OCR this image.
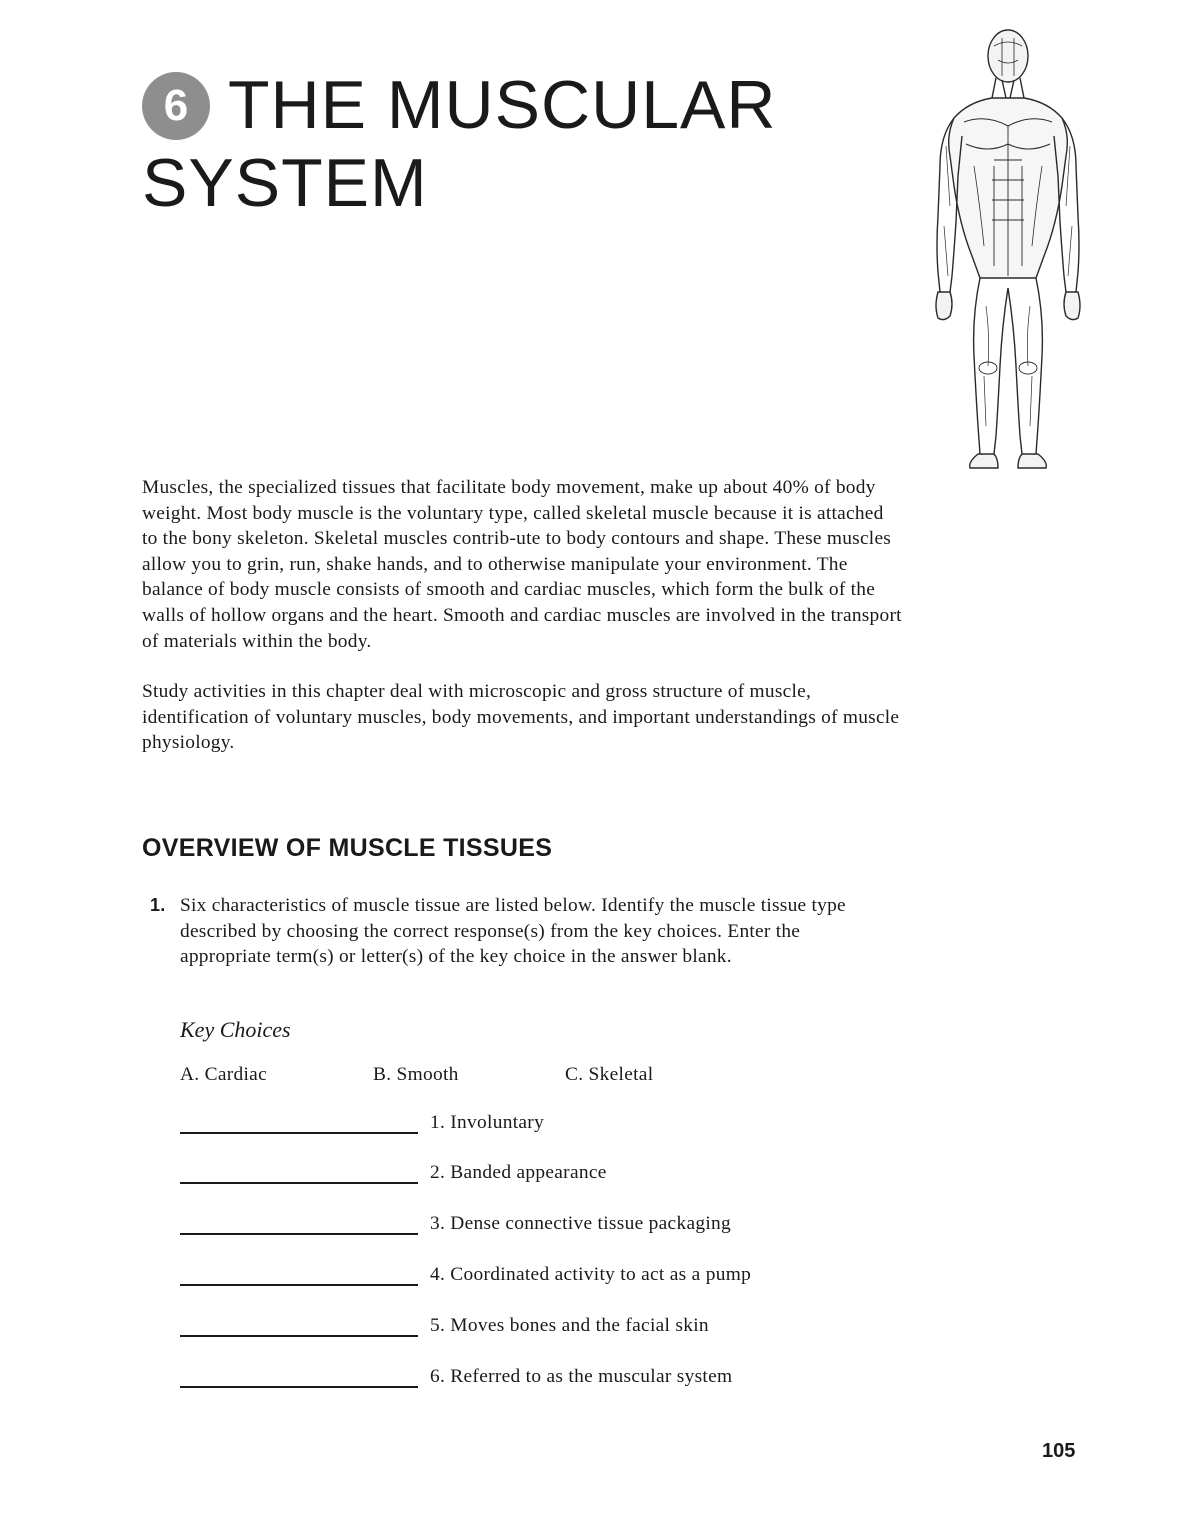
6 THE MUSCULAR
SYSTEM

Muscles, the specialized tissues that facilitate body movement, make up about 40% of body weight. Most body muscle is the voluntary type, called skeletal muscle because it is attached to the bony skeleton. Skeletal muscles contrib-ute to body contours and shape. These muscles allow you to grin, run, shake hands, and to otherwise manipulate your environment. The balance of body muscle consists of smooth and cardiac muscles, which form the bulk of the walls of hollow organs and the heart. Smooth and cardiac muscles are involved in the transport of materials within the body.

Study activities in this chapter deal with microscopic and gross structure of muscle, identification of voluntary muscles, body movements, and important understandings of muscle physiology.

OVERVIEW OF MUSCLE TISSUES
1. Six characteristics of muscle tissue are listed below. Identify the muscle tissue type described by choosing the correct response(s) from the key choices. Enter the appropriate term(s) or letter(s) of the key choice in the answer blank.
Key Choices
A. Cardiac	B. Smooth	C. Skeletal
1. Involuntary
2. Banded appearance
3. Dense connective tissue packaging
4. Coordinated activity to act as a pump
5. Moves bones and the facial skin
6. Referred to as the muscular system
105
